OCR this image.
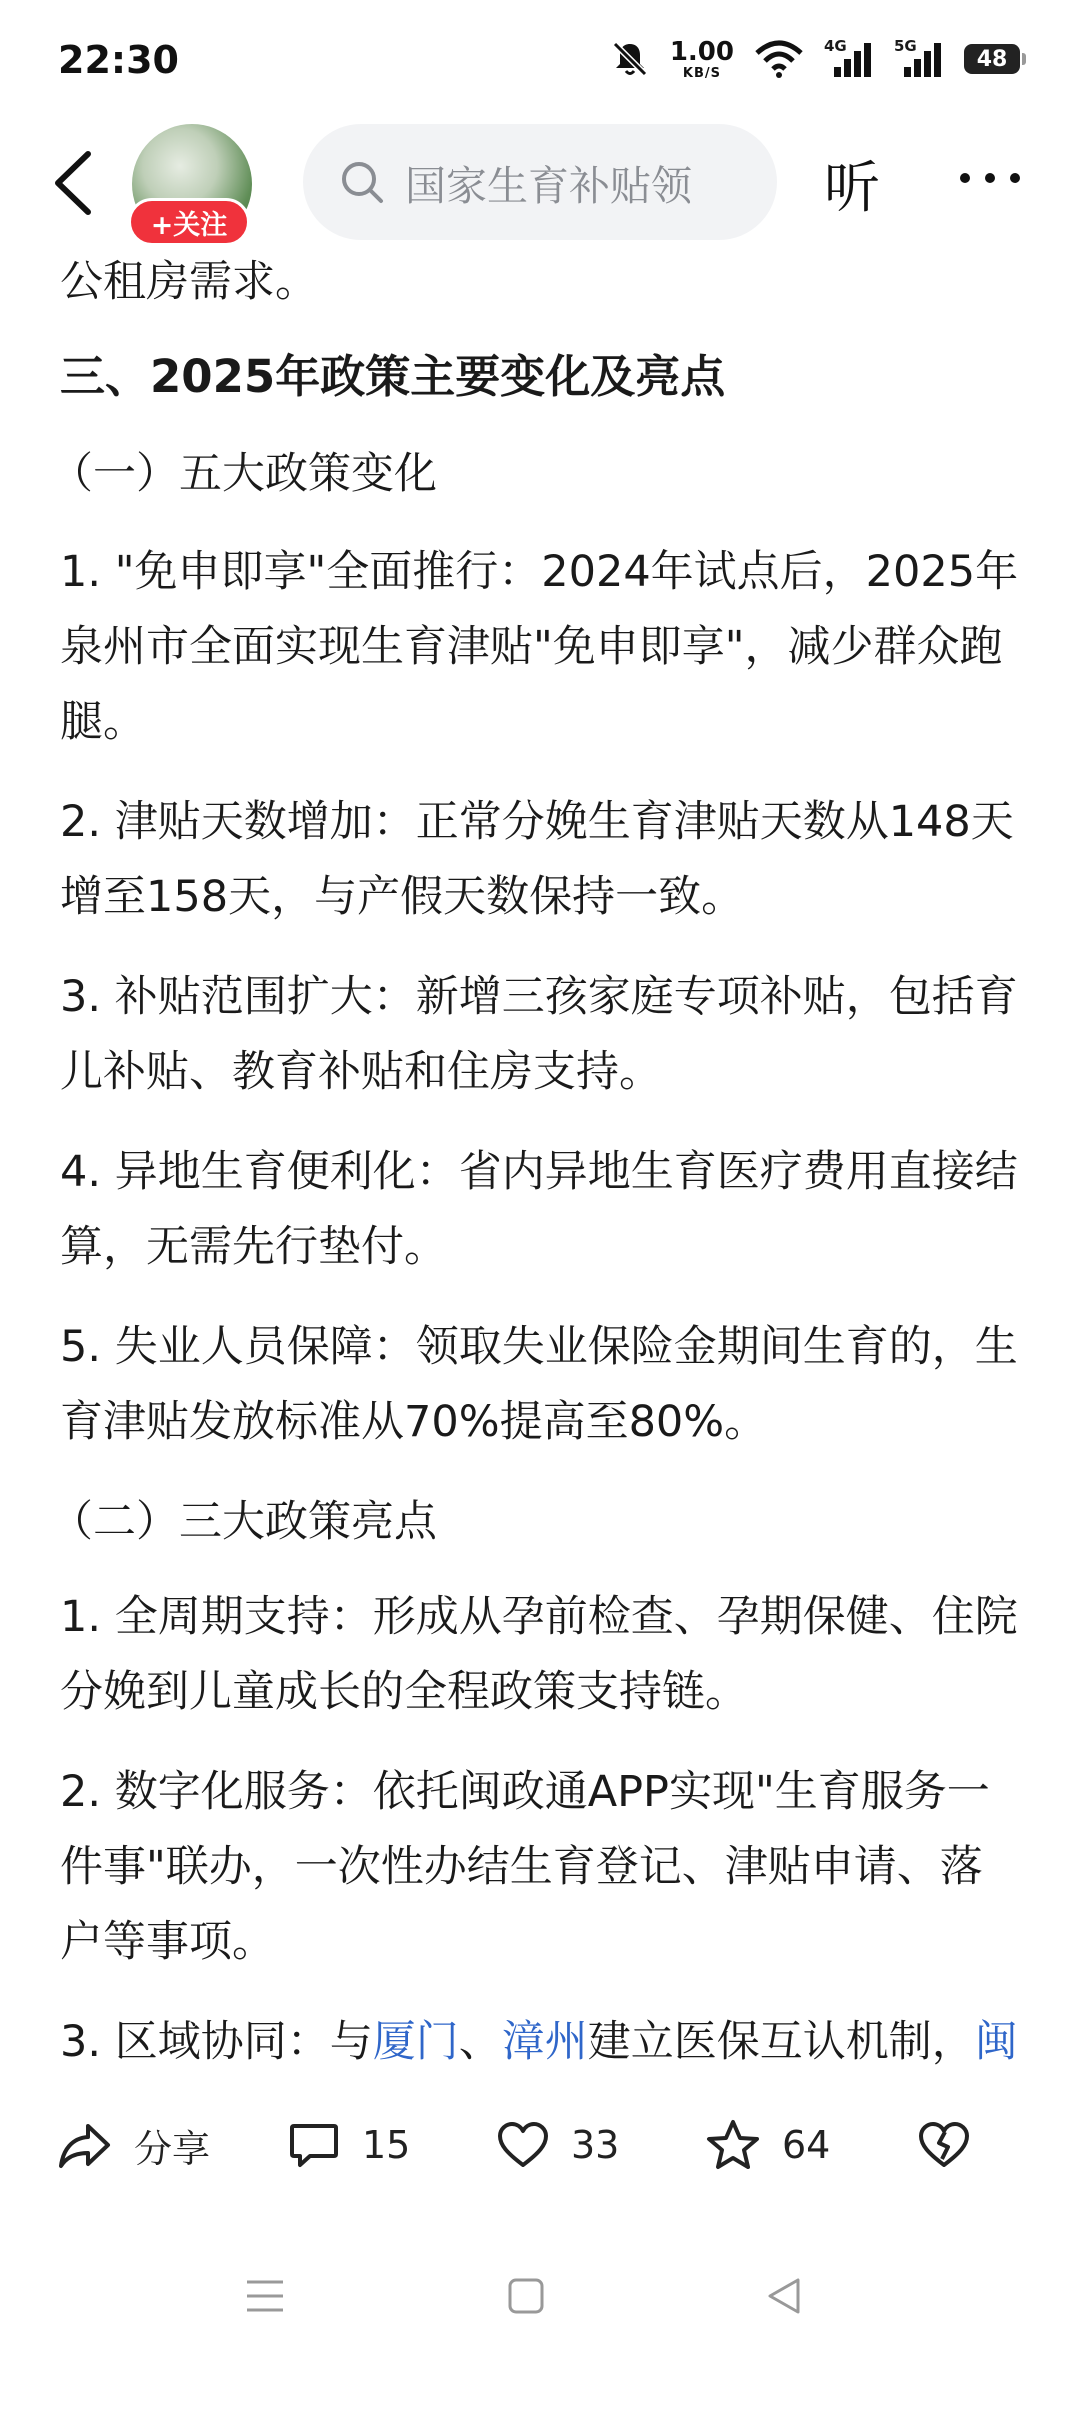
22:30	1.00
KB/S
4G	5G
48
+关注
国家生育补贴领	听

公租房需求。

三、2025年政策主要变化及亮点

（一）五大政策变化

1. "免申即享"全面推行：2024年试点后，2025年泉州市全面实现生育津贴"免申即享"，减少群众跑腿。

2. 津贴天数增加：正常分娩生育津贴天数从148天增至158天，与产假天数保持一致。

3. 补贴范围扩大：新增三孩家庭专项补贴，包括育儿补贴、教育补贴和住房支持。

4. 异地生育便利化：省内异地生育医疗费用直接结算，无需先行垫付。

5. 失业人员保障：领取失业保险金期间生育的，生育津贴发放标准从70%提高至80%。

（二）三大政策亮点

1. 全周期支持：形成从孕前检查、孕期保健、住院分娩到儿童成长的全程政策支持链。

2. 数字化服务：依托闽政通APP实现"生育服务一件事"联办，一次性办结生育登记、津贴申请、落户等事项。

3. 区域协同：与厦门、漳州建立医保互认机制，闽

分享	15	33	64
